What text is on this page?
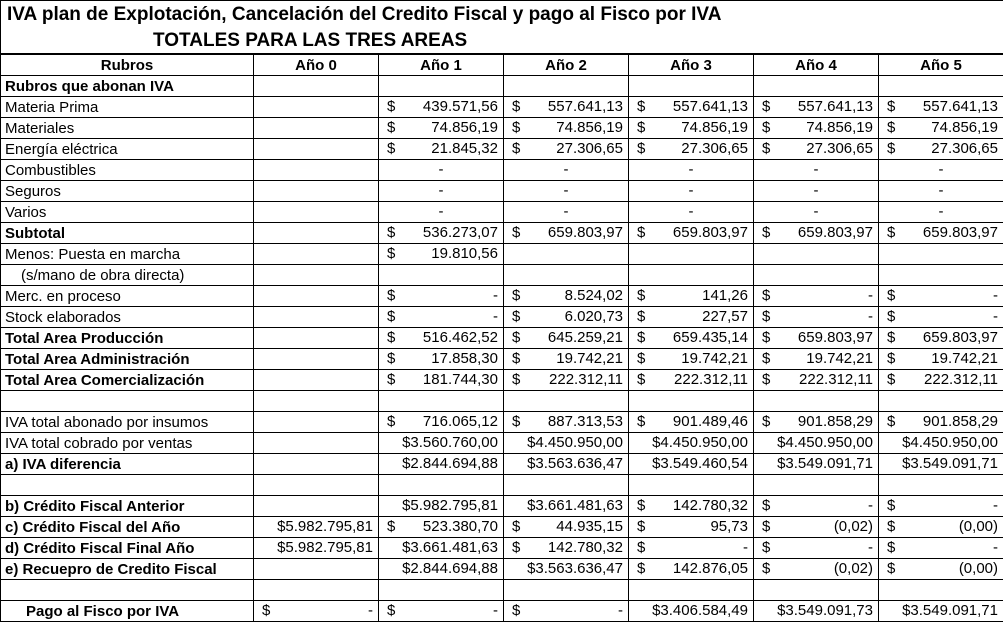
IVA plan de Explotación, Cancelación del Credito Fiscal y pago al Fisco por IVA
TOTALES PARA LAS TRES AREAS
Rubros	Año 0	Año 1	Año 2	Año 3	Año 4	Año 5
Rubros que abonan IVA						
Materia Prima		$ 439.571,56	$ 557.641,13	$ 557.641,13	$ 557.641,13	$ 557.641,13

Materiales		$ 74.856,19	$ 74.856,19	$ 74.856,19	$ 74.856,19	$ 74.856,19

Energía eléctrica		$ 21.845,32	$ 27.306,65	$ 27.306,65	$ 27.306,65	$ 27.306,65

Combustibles		-	-	-	-	-

Seguros		-	-	-	-	-

Varios		-	-	-	-	-

Subtotal		$ 536.273,07	$ 659.803,97	$ 659.803,97	$ 659.803,97	$ 659.803,97

Menos: Puesta en marcha		$ 19.810,56				

(s/mano de obra directa)						
Merc. en proceso		$ -	$ 8.524,02	$ 141,26	$ -	$ -

Stock elaborados		$ -	$ 6.020,73	$ 227,57	$ -	$ -

Total Area Producción		$ 516.462,52	$ 645.259,21	$ 659.435,14	$ 659.803,97	$ 659.803,97

Total Area Administración		$ 17.858,30	$ 19.742,21	$ 19.742,21	$ 19.742,21	$ 19.742,21

Total Area Comercialización		$ 181.744,30	$ 222.312,11	$ 222.312,11	$ 222.312,11	$ 222.312,11

IVA total abonado por insumos		$ 716.065,12	$ 887.313,53	$ 901.489,46	$ 901.858,29	$ 901.858,29

IVA total cobrado por ventas		$3.560.760,00	$4.450.950,00	$4.450.950,00	$4.450.950,00	$4.450.950,00

a) IVA diferencia		$2.844.694,88	$3.563.636,47	$3.549.460,54	$3.549.091,71	$3.549.091,71

b) Crédito Fiscal Anterior		$5.982.795,81	$3.661.481,63	$ 142.780,32	$ -	$ -

c) Crédito Fiscal del Año	$5.982.795,81	$ 523.380,70	$ 44.935,15	$ 95,73	$ (0,02)	$ (0,00)

d) Crédito Fiscal Final Año	$5.982.795,81	$3.661.481,63	$ 142.780,32	$ -	$ -	$ -

e) Recuepro de Credito Fiscal		$2.844.694,88	$3.563.636,47	$ 142.876,05	$ (0,02)	$ (0,00)

Pago al Fisco por IVA	$ -	$ -	$ -	$3.406.584,49	$3.549.091,73	$3.549.091,71
